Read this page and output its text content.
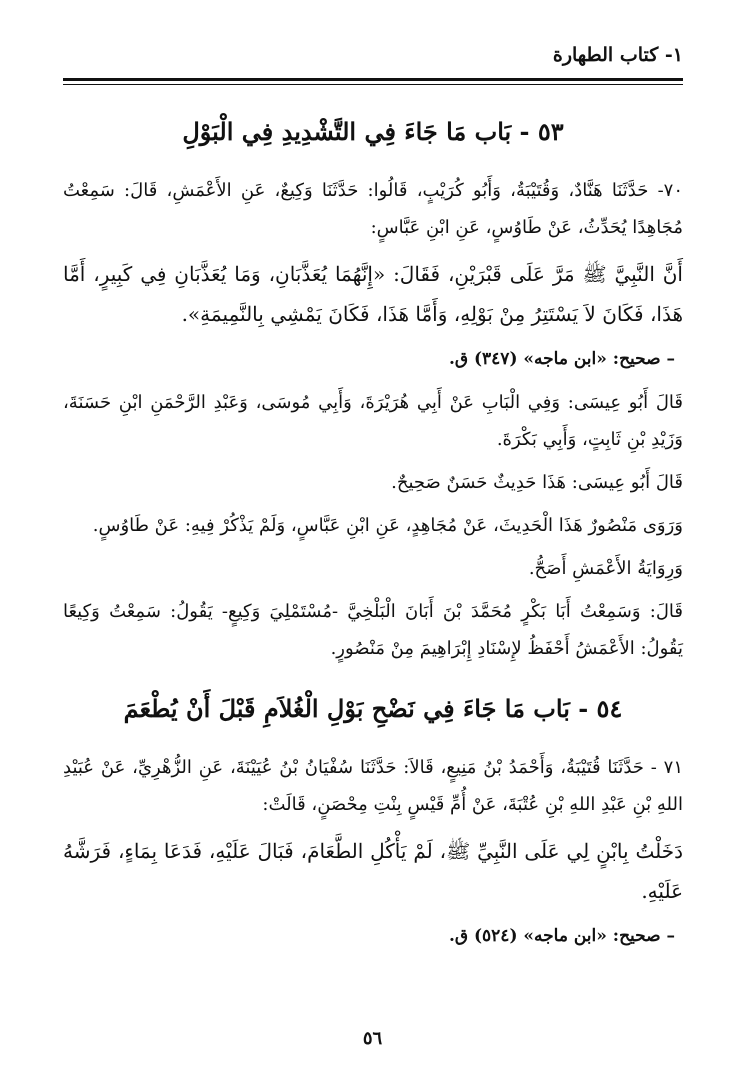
١- كتاب الطهارة
٥٣ - بَاب مَا جَاءَ فِي التَّشْدِيدِ فِي الْبَوْلِ

٧٠- حَدَّثَنَا هَنَّادٌ، وَقُتَيْبَةُ، وَأَبُو كُرَيْبٍ، قَالُوا: حَدَّثَنَا وَكِيعٌ، عَنِ الأَعْمَشِ، قَالَ: سَمِعْتُ مُجَاهِدًا يُحَدِّثُ، عَنْ طَاوُسٍ، عَنِ ابْنِ عَبَّاسٍ:

أَنَّ النَّبِيَّ ﷺ مَرَّ عَلَى قَبْرَيْنِ، فَقَالَ: «إِنَّهُمَا يُعَذَّبَانِ، وَمَا يُعَذَّبَانِ فِي كَبِيرٍ، أَمَّا هَذَا، فَكَانَ لاَ يَسْتَتِرُ مِنْ بَوْلِهِ، وَأَمَّا هَذَا، فَكَانَ يَمْشِي بِالنَّمِيمَةِ».

– صحيح: «ابن ماجه» (٣٤٧) ق.

قَالَ أَبُو عِيسَى: وَفِي الْبَابِ عَنْ أَبِي هُرَيْرَةَ، وَأَبِي مُوسَى، وَعَبْدِ الرَّحْمَنِ ابْنِ حَسَنَةَ، وَزَيْدِ بْنِ ثَابِتٍ، وَأَبِي بَكْرَةَ.

قَالَ أَبُو عِيسَى: هَذَا حَدِيثٌ حَسَنٌ صَحِيحٌ.

وَرَوَى مَنْصُورٌ هَذَا الْحَدِيثَ، عَنْ مُجَاهِدٍ، عَنِ ابْنِ عَبَّاسٍ، وَلَمْ يَذْكُرْ فِيهِ: عَنْ طَاوُسٍ.

وَرِوَايَةُ الأَعْمَشِ أَصَحُّ.

قَالَ: وَسَمِعْتُ أَبَا بَكْرٍ مُحَمَّدَ بْنَ أَبَانَ الْبَلْخِيَّ -مُسْتَمْلِيَ وَكِيعٍ- يَقُولُ: سَمِعْتُ وَكِيعًا يَقُولُ: الأَعْمَشُ أَحْفَظُ لإِسْنَادِ إِبْرَاهِيمَ مِنْ مَنْصُورٍ.

٥٤ - بَاب مَا جَاءَ فِي نَضْحِ بَوْلِ الْغُلاَمِ قَبْلَ أَنْ يُطْعَمَ

٧١ - حَدَّثَنَا قُتَيْبَةُ، وَأَحْمَدُ بْنُ مَنِيعٍ، قَالاَ: حَدَّثَنَا سُفْيَانُ بْنُ عُيَيْنَةَ، عَنِ الزُّهْرِيِّ، عَنْ عُبَيْدِ اللهِ بْنِ عَبْدِ اللهِ بْنِ عُتْبَةَ، عَنْ أُمِّ قَيْسٍ بِنْتِ مِحْصَنٍ، قَالَتْ:

دَخَلْتُ بِابْنٍ لِي عَلَى النَّبِيِّ ﷺ، لَمْ يَأْكُلِ الطَّعَامَ، فَبَالَ عَلَيْهِ، فَدَعَا بِمَاءٍ، فَرَشَّهُ عَلَيْهِ.

– صحيح: «ابن ماجه» (٥٢٤) ق.

٥٦
